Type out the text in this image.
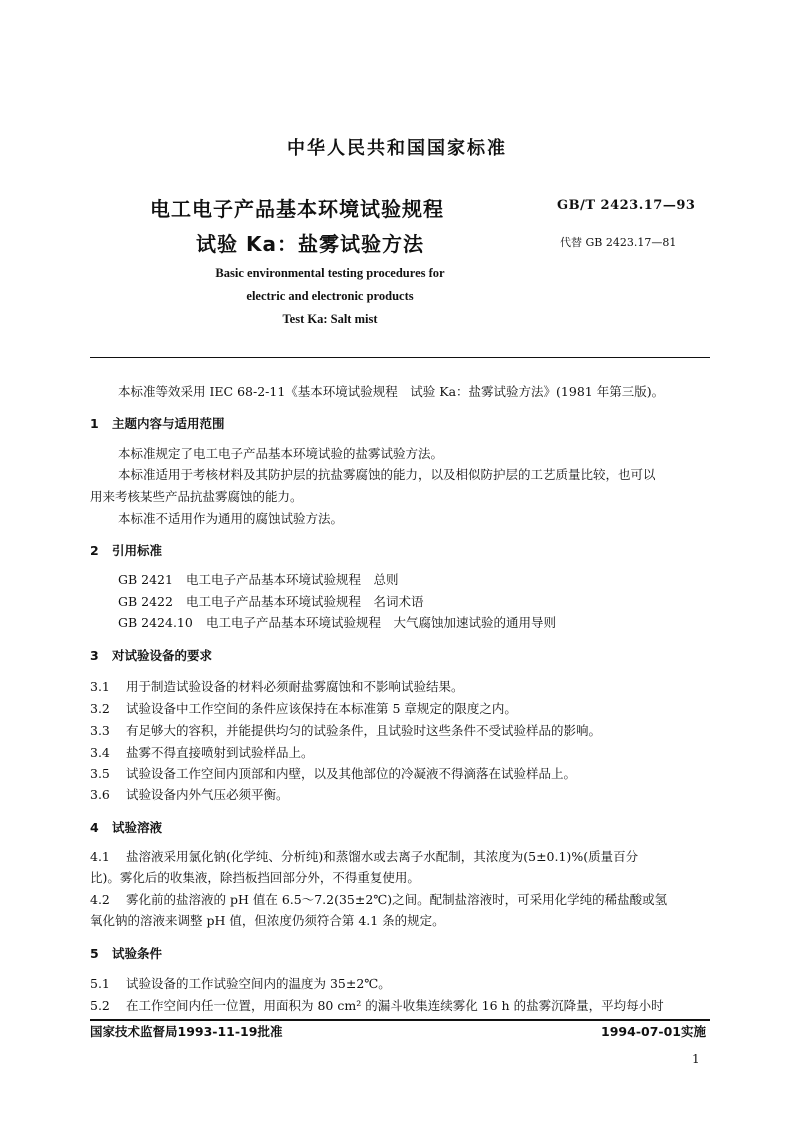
中华人民共和国国家标准
电工电子产品基本环境试验规程
试验 Ka：盐雾试验方法
GB/T 2423.17—93
代替 GB 2423.17—81
Basic environmental testing procedures for
electric and electronic products
Test Ka: Salt mist
本标准等效采用 IEC 68-2-11《基本环境试验规程　试验 Ka：盐雾试验方法》(1981 年第三版)。
1 主题内容与适用范围
本标准规定了电工电子产品基本环境试验的盐雾试验方法。
本标准适用于考核材料及其防护层的抗盐雾腐蚀的能力，以及相似防护层的工艺质量比较，也可以
用来考核某些产品抗盐雾腐蚀的能力。
本标准不适用作为通用的腐蚀试验方法。
2 引用标准
GB 2421 电工电子产品基本环境试验规程　总则
GB 2422 电工电子产品基本环境试验规程　名词术语
GB 2424.10 电工电子产品基本环境试验规程　大气腐蚀加速试验的通用导则
3 对试验设备的要求
3.1 用于制造试验设备的材料必须耐盐雾腐蚀和不影响试验结果。
3.2 试验设备中工作空间的条件应该保持在本标准第 5 章规定的限度之内。
3.3 有足够大的容积，并能提供均匀的试验条件，且试验时这些条件不受试验样品的影响。
3.4 盐雾不得直接喷射到试验样品上。
3.5 试验设备工作空间内顶部和内壁，以及其他部位的冷凝液不得滴落在试验样品上。
3.6 试验设备内外气压必须平衡。
4 试验溶液
4.1 盐溶液采用氯化钠(化学纯、分析纯)和蒸馏水或去离子水配制，其浓度为(5±0.1)%(质量百分
比)。雾化后的收集液，除挡板挡回部分外，不得重复使用。
4.2 雾化前的盐溶液的 pH 值在 6.5～7.2(35±2℃)之间。配制盐溶液时，可采用化学纯的稀盐酸或氢
氧化钠的溶液来调整 pH 值，但浓度仍须符合第 4.1 条的规定。
5 试验条件
5.1 试验设备的工作试验空间内的温度为 35±2℃。
5.2 在工作空间内任一位置，用面积为 80 cm² 的漏斗收集连续雾化 16 h 的盐雾沉降量，平均每小时
国家技术监督局1993-11-19批准	1994-07-01实施
1
